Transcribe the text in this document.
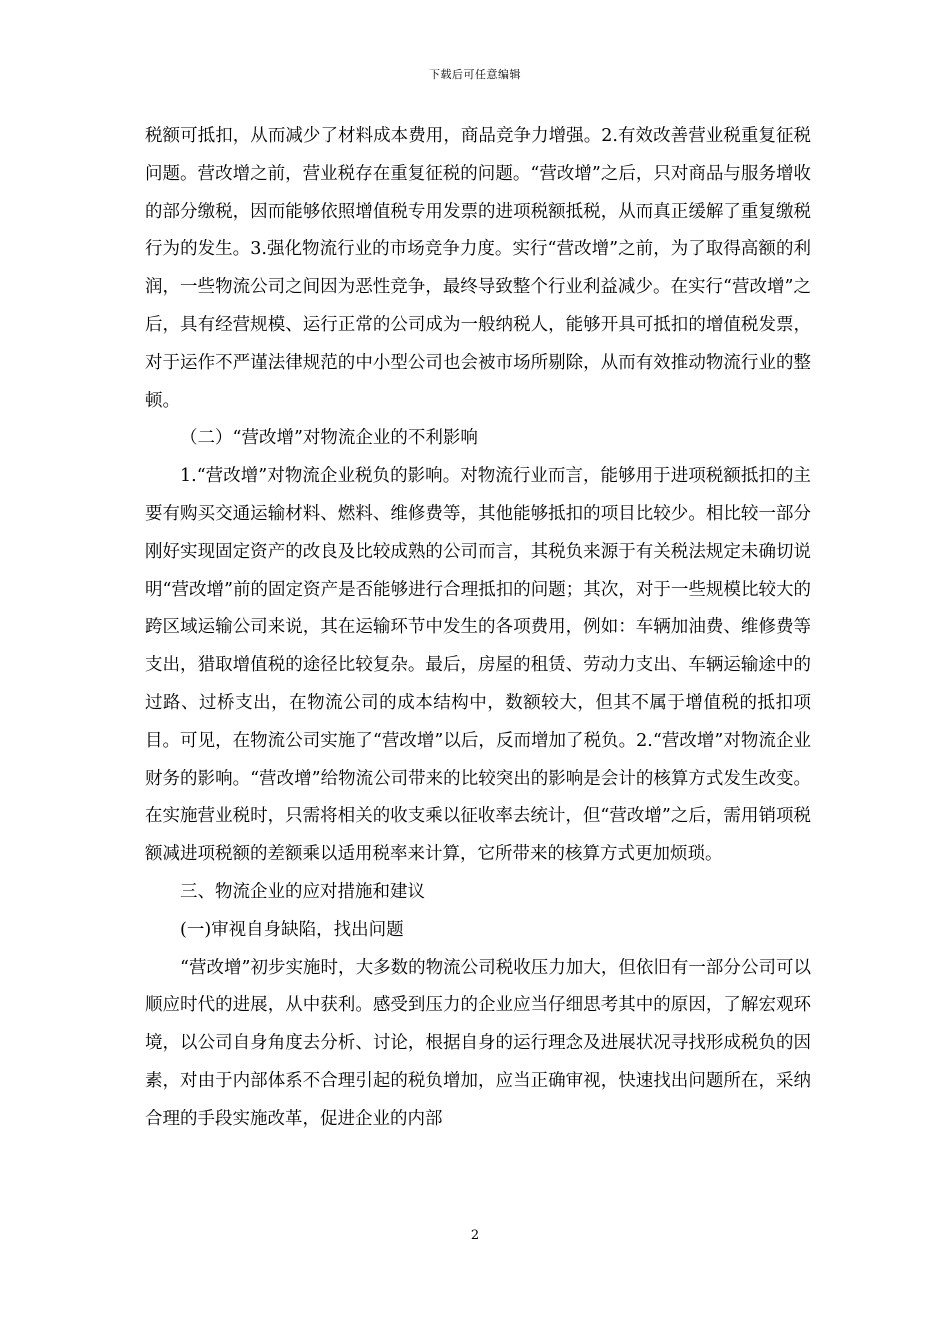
下载后可任意编辑

税额可抵扣，从而减少了材料成本费用，商品竞争力增强。2.有效改善营业税重复征税问题。营改增之前，营业税存在重复征税的问题。“营改增”之后，只对商品与服务增收的部分缴税，因而能够依照增值税专用发票的进项税额抵税，从而真正缓解了重复缴税行为的发生。3.强化物流行业的市场竞争力度。实行“营改增”之前，为了取得高额的利润，一些物流公司之间因为恶性竞争，最终导致整个行业利益减少。在实行“营改增”之后，具有经营规模、运行正常的公司成为一般纳税人，能够开具可抵扣的增值税发票，对于运作不严谨法律规范的中小型公司也会被市场所剔除，从而有效推动物流行业的整顿。

（二）“营改增”对物流企业的不利影响

1.“营改增”对物流企业税负的影响。对物流行业而言，能够用于进项税额抵扣的主要有购买交通运输材料、燃料、维修费等，其他能够抵扣的项目比较少。相比较一部分刚好实现固定资产的改良及比较成熟的公司而言，其税负来源于有关税法规定未确切说明“营改增”前的固定资产是否能够进行合理抵扣的问题；其次，对于一些规模比较大的跨区域运输公司来说，其在运输环节中发生的各项费用，例如：车辆加油费、维修费等支出，猎取增值税的途径比较复杂。最后，房屋的租赁、劳动力支出、车辆运输途中的过路、过桥支出，在物流公司的成本结构中，数额较大，但其不属于增值税的抵扣项目。可见，在物流公司实施了“营改增”以后，反而增加了税负。2.“营改增”对物流企业财务的影响。“营改增”给物流公司带来的比较突出的影响是会计的核算方式发生改变。在实施营业税时，只需将相关的收支乘以征收率去统计，但“营改增”之后，需用销项税额减进项税额的差额乘以适用税率来计算，它所带来的核算方式更加烦琐。

三、物流企业的应对措施和建议

(一)审视自身缺陷，找出问题

“营改增”初步实施时，大多数的物流公司税收压力加大，但依旧有一部分公司可以顺应时代的进展，从中获利。感受到压力的企业应当仔细思考其中的原因，了解宏观环境，以公司自身角度去分析、讨论，根据自身的运行理念及进展状况寻找形成税负的因素，对由于内部体系不合理引起的税负增加，应当正确审视，快速找出问题所在，采纳合理的手段实施改革，促进企业的内部

2
